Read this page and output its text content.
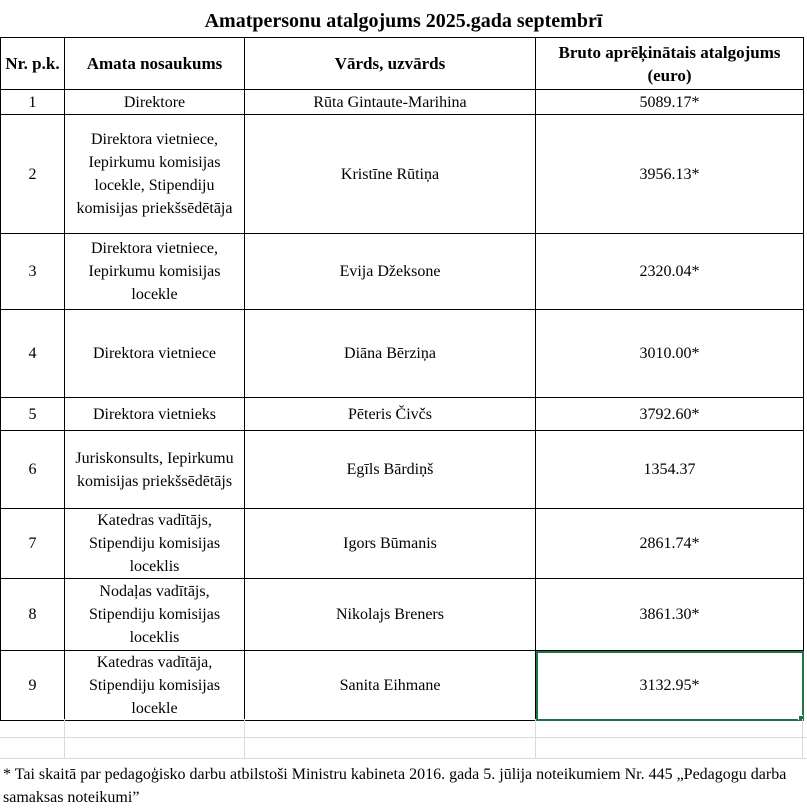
Amatpersonu atalgojums 2025.gada septembrī
Nr. p.k.	Amata nosaukums	Vārds, uzvārds	Bruto aprēķinātais atalgojums (euro)
1	Direktore	Rūta Gintaute-Marihina	5089.17*
2	Direktora vietniece, Iepirkumu komisijas locekle, Stipendiju komisijas priekšsēdētāja	Kristīne Rūtiņa	3956.13*
3	Direktora vietniece, Iepirkumu komisijas locekle	Evija Džeksone	2320.04*
4	Direktora vietniece	Diāna Bērziņa	3010.00*
5	Direktora vietnieks	Pēteris Čivčs	3792.60*
6	Juriskonsults, Iepirkumu komisijas priekšsēdētājs	Egīls Bārdiņš	1354.37
7	Katedras vadītājs, Stipendiju komisijas loceklis	Igors Būmanis	2861.74*
8	Nodaļas vadītājs, Stipendiju komisijas loceklis	Nikolajs Breners	3861.30*
9	Katedras vadītāja, Stipendiju komisijas locekle	Sanita Eihmane	3132.95*
* Tai skaitā par pedagoģisko darbu atbilstoši Ministru kabineta 2016. gada 5. jūlija noteikumiem Nr. 445 „Pedagogu darba samaksas noteikumi”
